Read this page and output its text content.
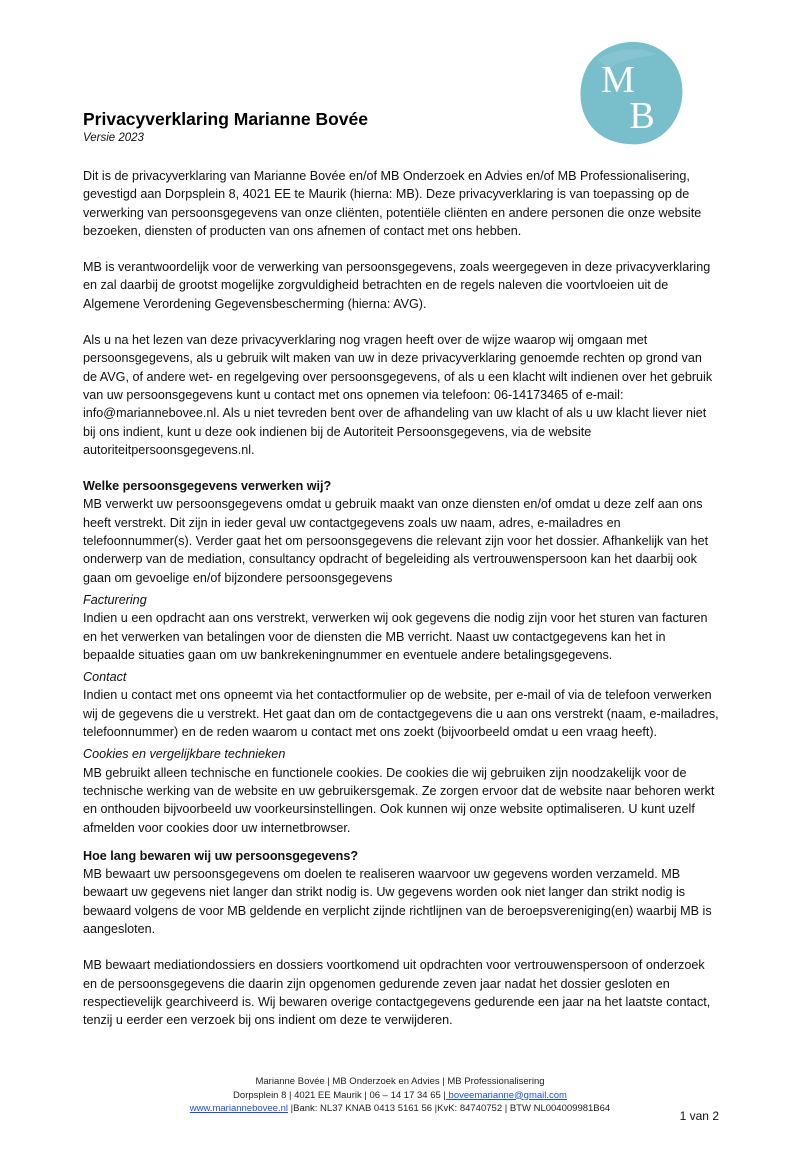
M
B
Privacyverklaring Marianne Bovée

Versie 2023

Dit is de privacyverklaring van Marianne Bovée en/of MB Onderzoek en Advies en/of MB Professionalisering, gevestigd aan Dorpsplein 8, 4021 EE te Maurik (hierna: MB). Deze privacyverklaring is van toepassing op de verwerking van persoonsgegevens van onze cliënten, potentiële cliënten en andere personen die onze website bezoeken, diensten of producten van ons afnemen of contact met ons hebben.

MB is verantwoordelijk voor de verwerking van persoonsgegevens, zoals weergegeven in deze privacyverklaring en zal daarbij de grootst mogelijke zorgvuldigheid betrachten en de regels naleven die voortvloeien uit de Algemene Verordening Gegevensbescherming (hierna: AVG).

Als u na het lezen van deze privacyverklaring nog vragen heeft over de wijze waarop wij omgaan met persoonsgegevens, als u gebruik wilt maken van uw in deze privacyverklaring genoemde rechten op grond van de AVG, of andere wet- en regelgeving over persoonsgegevens, of als u een klacht wilt indienen over het gebruik van uw persoonsgegevens kunt u contact met ons opnemen via telefoon: 06-14173465 of e-mail: info@mariannebovee.nl. Als u niet tevreden bent over de afhandeling van uw klacht of als u uw klacht liever niet bij ons indient, kunt u deze ook indienen bij de Autoriteit Persoonsgegevens, via de website autoriteitpersoonsgegevens.nl.

Welke persoonsgegevens verwerken wij?

MB verwerkt uw persoonsgegevens omdat u gebruik maakt van onze diensten en/of omdat u deze zelf aan ons heeft verstrekt. Dit zijn in ieder geval uw contactgegevens zoals uw naam, adres, e-mailadres en telefoonnummer(s). Verder gaat het om persoonsgegevens die relevant zijn voor het dossier. Afhankelijk van het onderwerp van de mediation, consultancy opdracht of begeleiding als vertrouwenspersoon kan het daarbij ook gaan om gevoelige en/of bijzondere persoonsgegevens

Facturering

Indien u een opdracht aan ons verstrekt, verwerken wij ook gegevens die nodig zijn voor het sturen van facturen en het verwerken van betalingen voor de diensten die MB verricht. Naast uw contactgegevens kan het in bepaalde situaties gaan om uw bankrekeningnummer en eventuele andere betalingsgegevens.

Contact

Indien u contact met ons opneemt via het contactformulier op de website, per e-mail of via de telefoon verwerken wij de gegevens die u verstrekt. Het gaat dan om de contactgegevens die u aan ons verstrekt (naam, e-mailadres, telefoonnummer) en de reden waarom u contact met ons zoekt (bijvoorbeeld omdat u een vraag heeft).

Cookies en vergelijkbare technieken

MB gebruikt alleen technische en functionele cookies. De cookies die wij gebruiken zijn noodzakelijk voor de technische werking van de website en uw gebruikersgemak. Ze zorgen ervoor dat de website naar behoren werkt en onthouden bijvoorbeeld uw voorkeursinstellingen. Ook kunnen wij onze website optimaliseren. U kunt uzelf afmelden voor cookies door uw internetbrowser.

Hoe lang bewaren wij uw persoonsgegevens?

MB bewaart uw persoonsgegevens om doelen te realiseren waarvoor uw gegevens worden verzameld. MB bewaart uw gegevens niet langer dan strikt nodig is. Uw gegevens worden ook niet langer dan strikt nodig is bewaard volgens de voor MB geldende en verplicht zijnde richtlijnen van de beroepsvereniging(en) waarbij MB is aangesloten.

MB bewaart mediationdossiers en dossiers voortkomend uit opdrachten voor vertrouwenspersoon of onderzoek en de persoonsgegevens die daarin zijn opgenomen gedurende zeven jaar nadat het dossier gesloten en respectievelijk gearchiveerd is. Wij bewaren overige contactgegevens gedurende een jaar na het laatste contact, tenzij u eerder een verzoek bij ons indient om deze te verwijderen.

Marianne Bovée | MB Onderzoek en Advies | MB Professionalisering
Dorpsplein 8 | 4021 EE Maurik | 06 – 14 17 34 65 | boveemarianne@gmail.com
www.mariannebovee.nl |Bank: NL37 KNAB 0413 5161 56 |KvK: 84740752 | BTW NL004009981B64
1 van 2
